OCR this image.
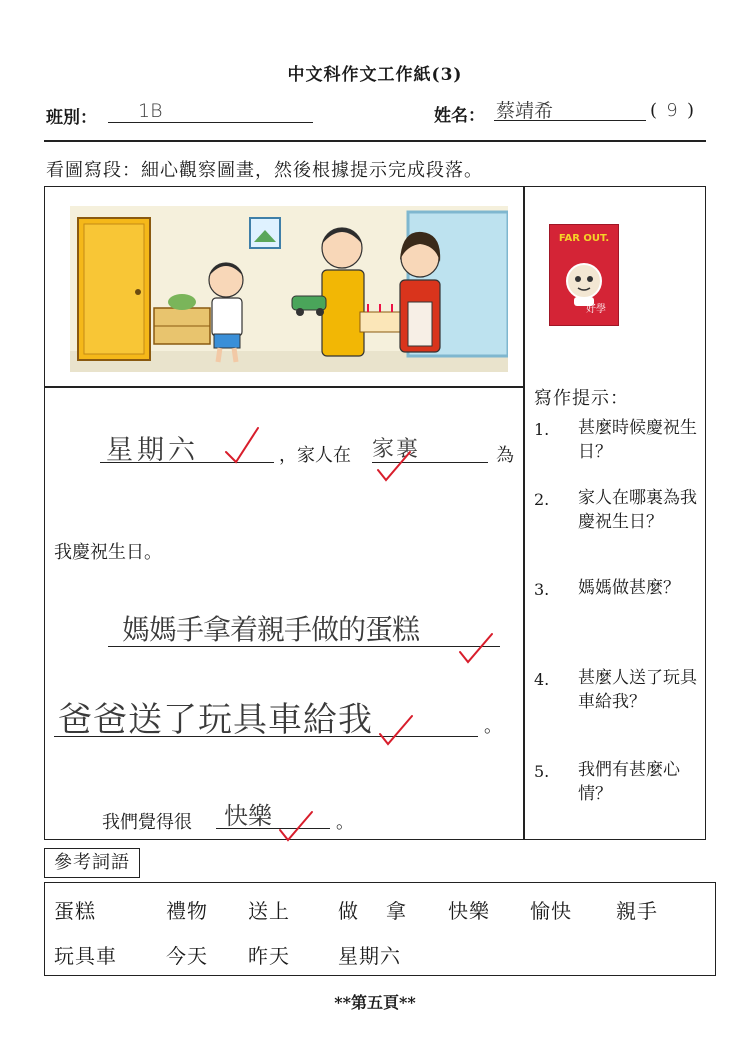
中文科作文工作紙(3)
班別： 1B	姓名： 蔡靖希	( 9 )
看圖寫段：細心觀察圖畫，然後根據提示完成段落。
FAR OUT.
好學
星期六	，家人在 家裏	為
我慶祝生日。
媽媽手拿着親手做的蛋糕
爸爸送了玩具車給我	。
我們覺得很 快樂	。
寫作提示：
1. 甚麼時候慶祝生日？
2. 家人在哪裏為我慶祝生日？
3. 媽媽做甚麼？
4. 甚麼人送了玩具車給我？
5. 我們有甚麼心情？
參考詞語
蛋糕	禮物 送上 做 拿 快樂 愉快 親手
玩具車 今天 昨天 星期六
**第五頁**
